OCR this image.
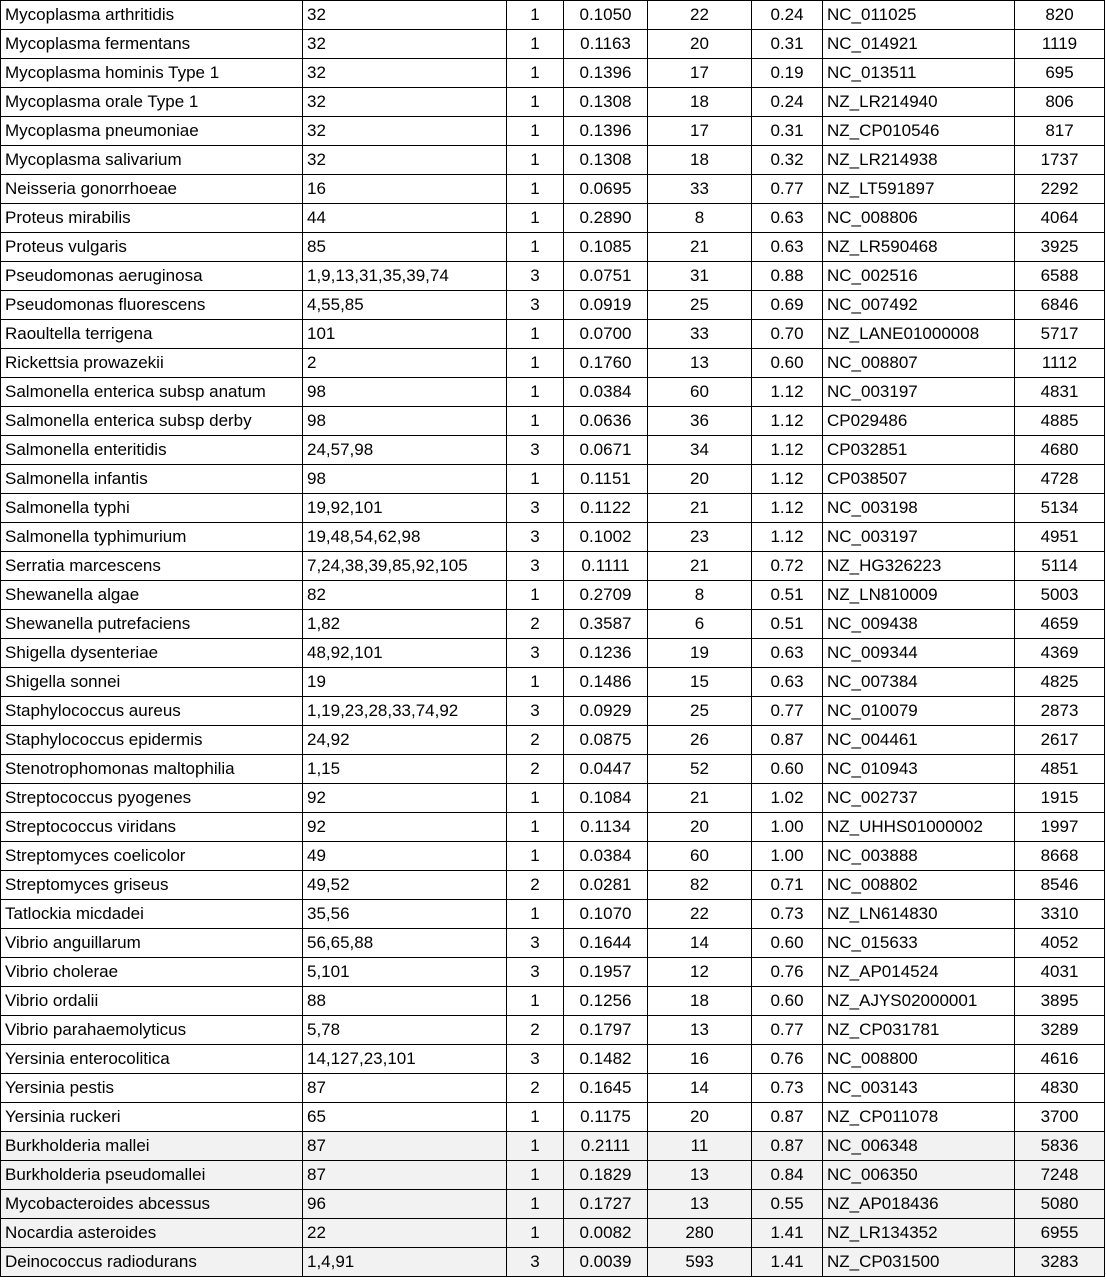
Mycoplasma arthritidis	32	1	0.1050	22	0.24	NC_011025	820
Mycoplasma fermentans	32	1	0.1163	20	0.31	NC_014921	1119
Mycoplasma hominis Type 1	32	1	0.1396	17	0.19	NC_013511	695
Mycoplasma orale Type 1	32	1	0.1308	18	0.24	NZ_LR214940	806
Mycoplasma pneumoniae	32	1	0.1396	17	0.31	NZ_CP010546	817
Mycoplasma salivarium	32	1	0.1308	18	0.32	NZ_LR214938	1737
Neisseria gonorrhoeae	16	1	0.0695	33	0.77	NZ_LT591897	2292
Proteus mirabilis	44	1	0.2890	8	0.63	NC_008806	4064
Proteus vulgaris	85	1	0.1085	21	0.63	NZ_LR590468	3925
Pseudomonas aeruginosa	1,9,13,31,35,39,74	3	0.0751	31	0.88	NC_002516	6588
Pseudomonas fluorescens	4,55,85	3	0.0919	25	0.69	NC_007492	6846
Raoultella terrigena	101	1	0.0700	33	0.70	NZ_LANE01000008	5717
Rickettsia prowazekii	2	1	0.1760	13	0.60	NC_008807	1112
Salmonella enterica subsp anatum	98	1	0.0384	60	1.12	NC_003197	4831
Salmonella enterica subsp derby	98	1	0.0636	36	1.12	CP029486	4885
Salmonella enteritidis	24,57,98	3	0.0671	34	1.12	CP032851	4680
Salmonella infantis	98	1	0.1151	20	1.12	CP038507	4728
Salmonella typhi	19,92,101	3	0.1122	21	1.12	NC_003198	5134
Salmonella typhimurium	19,48,54,62,98	3	0.1002	23	1.12	NC_003197	4951
Serratia marcescens	7,24,38,39,85,92,105	3	0.1111	21	0.72	NZ_HG326223	5114
Shewanella algae	82	1	0.2709	8	0.51	NZ_LN810009	5003
Shewanella putrefaciens	1,82	2	0.3587	6	0.51	NC_009438	4659
Shigella dysenteriae	48,92,101	3	0.1236	19	0.63	NC_009344	4369
Shigella sonnei	19	1	0.1486	15	0.63	NC_007384	4825
Staphylococcus aureus	1,19,23,28,33,74,92	3	0.0929	25	0.77	NC_010079	2873
Staphylococcus epidermis	24,92	2	0.0875	26	0.87	NC_004461	2617
Stenotrophomonas maltophilia	1,15	2	0.0447	52	0.60	NC_010943	4851
Streptococcus pyogenes	92	1	0.1084	21	1.02	NC_002737	1915
Streptococcus viridans	92	1	0.1134	20	1.00	NZ_UHHS01000002	1997
Streptomyces coelicolor	49	1	0.0384	60	1.00	NC_003888	8668
Streptomyces griseus	49,52	2	0.0281	82	0.71	NC_008802	8546
Tatlockia micdadei	35,56	1	0.1070	22	0.73	NZ_LN614830	3310
Vibrio anguillarum	56,65,88	3	0.1644	14	0.60	NC_015633	4052
Vibrio cholerae	5,101	3	0.1957	12	0.76	NZ_AP014524	4031
Vibrio ordalii	88	1	0.1256	18	0.60	NZ_AJYS02000001	3895
Vibrio parahaemolyticus	5,78	2	0.1797	13	0.77	NZ_CP031781	3289
Yersinia enterocolitica	14,127,23,101	3	0.1482	16	0.76	NC_008800	4616
Yersinia pestis	87	2	0.1645	14	0.73	NC_003143	4830
Yersinia ruckeri	65	1	0.1175	20	0.87	NZ_CP011078	3700
Burkholderia mallei	87	1	0.2111	11	0.87	NC_006348	5836
Burkholderia pseudomallei	87	1	0.1829	13	0.84	NC_006350	7248
Mycobacteroides abcessus	96	1	0.1727	13	0.55	NZ_AP018436	5080
Nocardia asteroides	22	1	0.0082	280	1.41	NZ_LR134352	6955
Deinococcus radiodurans	1,4,91	3	0.0039	593	1.41	NZ_CP031500	3283
